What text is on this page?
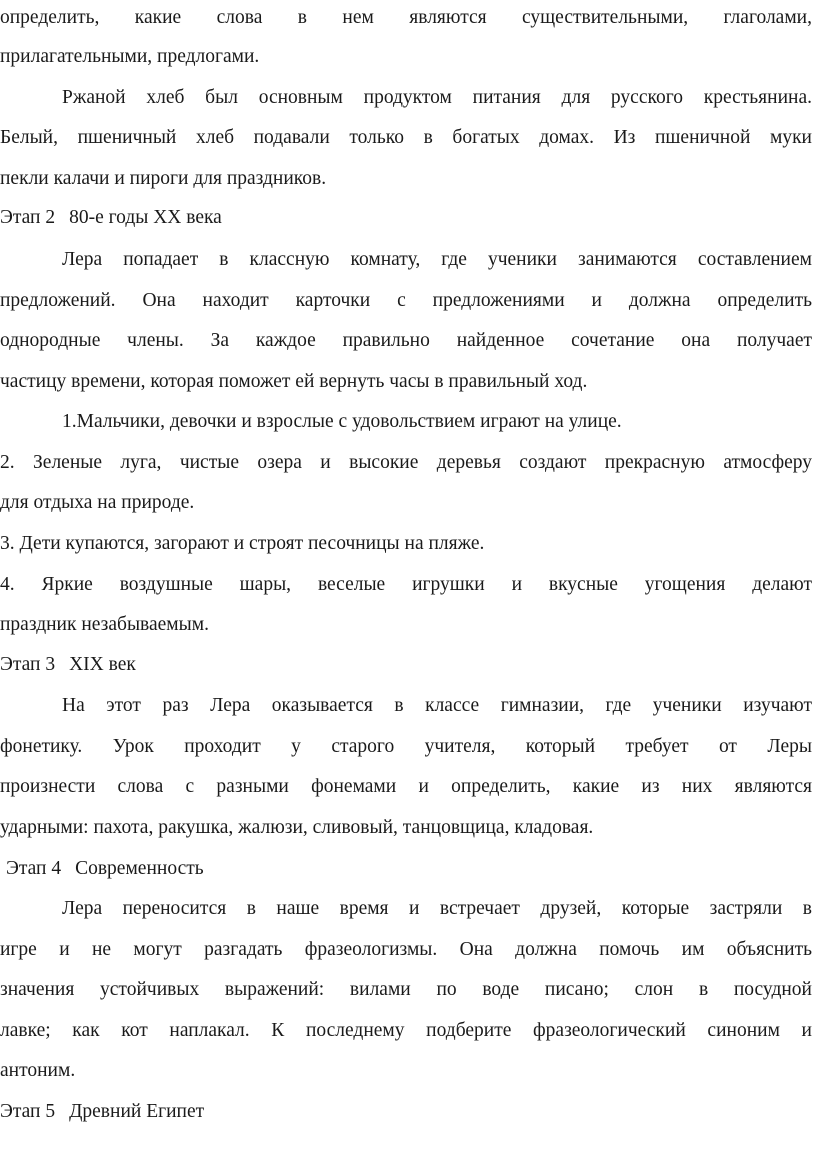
определить, какие слова в нем являются существительными, глаголами,
прилагательными, предлогами.
Ржаной хлеб был основным продуктом питания для русского крестьянина.
Белый, пшеничный хлеб подавали только в богатых домах. Из пшеничной муки
пекли калачи и пироги для праздников.
Этап 2 80-е годы XX века
Лера попадает в классную комнату, где ученики занимаются составлением
предложений. Она находит карточки с предложениями и должна определить
однородные члены. За каждое правильно найденное сочетание она получает
частицу времени, которая поможет ей вернуть часы в правильный ход.
1.Мальчики, девочки и взрослые с удовольствием играют на улице.
2. Зеленые луга, чистые озера и высокие деревья создают прекрасную атмосферу
для отдыха на природе.
3. Дети купаются, загорают и строят песочницы на пляже.
4. Яркие воздушные шары, веселые игрушки и вкусные угощения делают
праздник незабываемым.
Этап 3 XIX век
На этот раз Лера оказывается в классе гимназии, где ученики изучают
фонетику. Урок проходит у старого учителя, который требует от Леры
произнести слова с разными фонемами и определить, какие из них являются
ударными: пахота, ракушка, жалюзи, сливовый, танцовщица, кладовая.
Этап 4 Современность
Лера переносится в наше время и встречает друзей, которые застряли в
игре и не могут разгадать фразеологизмы. Она должна помочь им объяснить
значения устойчивых выражений: вилами по воде писано; слон в посудной
лавке; как кот наплакал. К последнему подберите фразеологический синоним и
антоним.
Этап 5 Древний Египет
